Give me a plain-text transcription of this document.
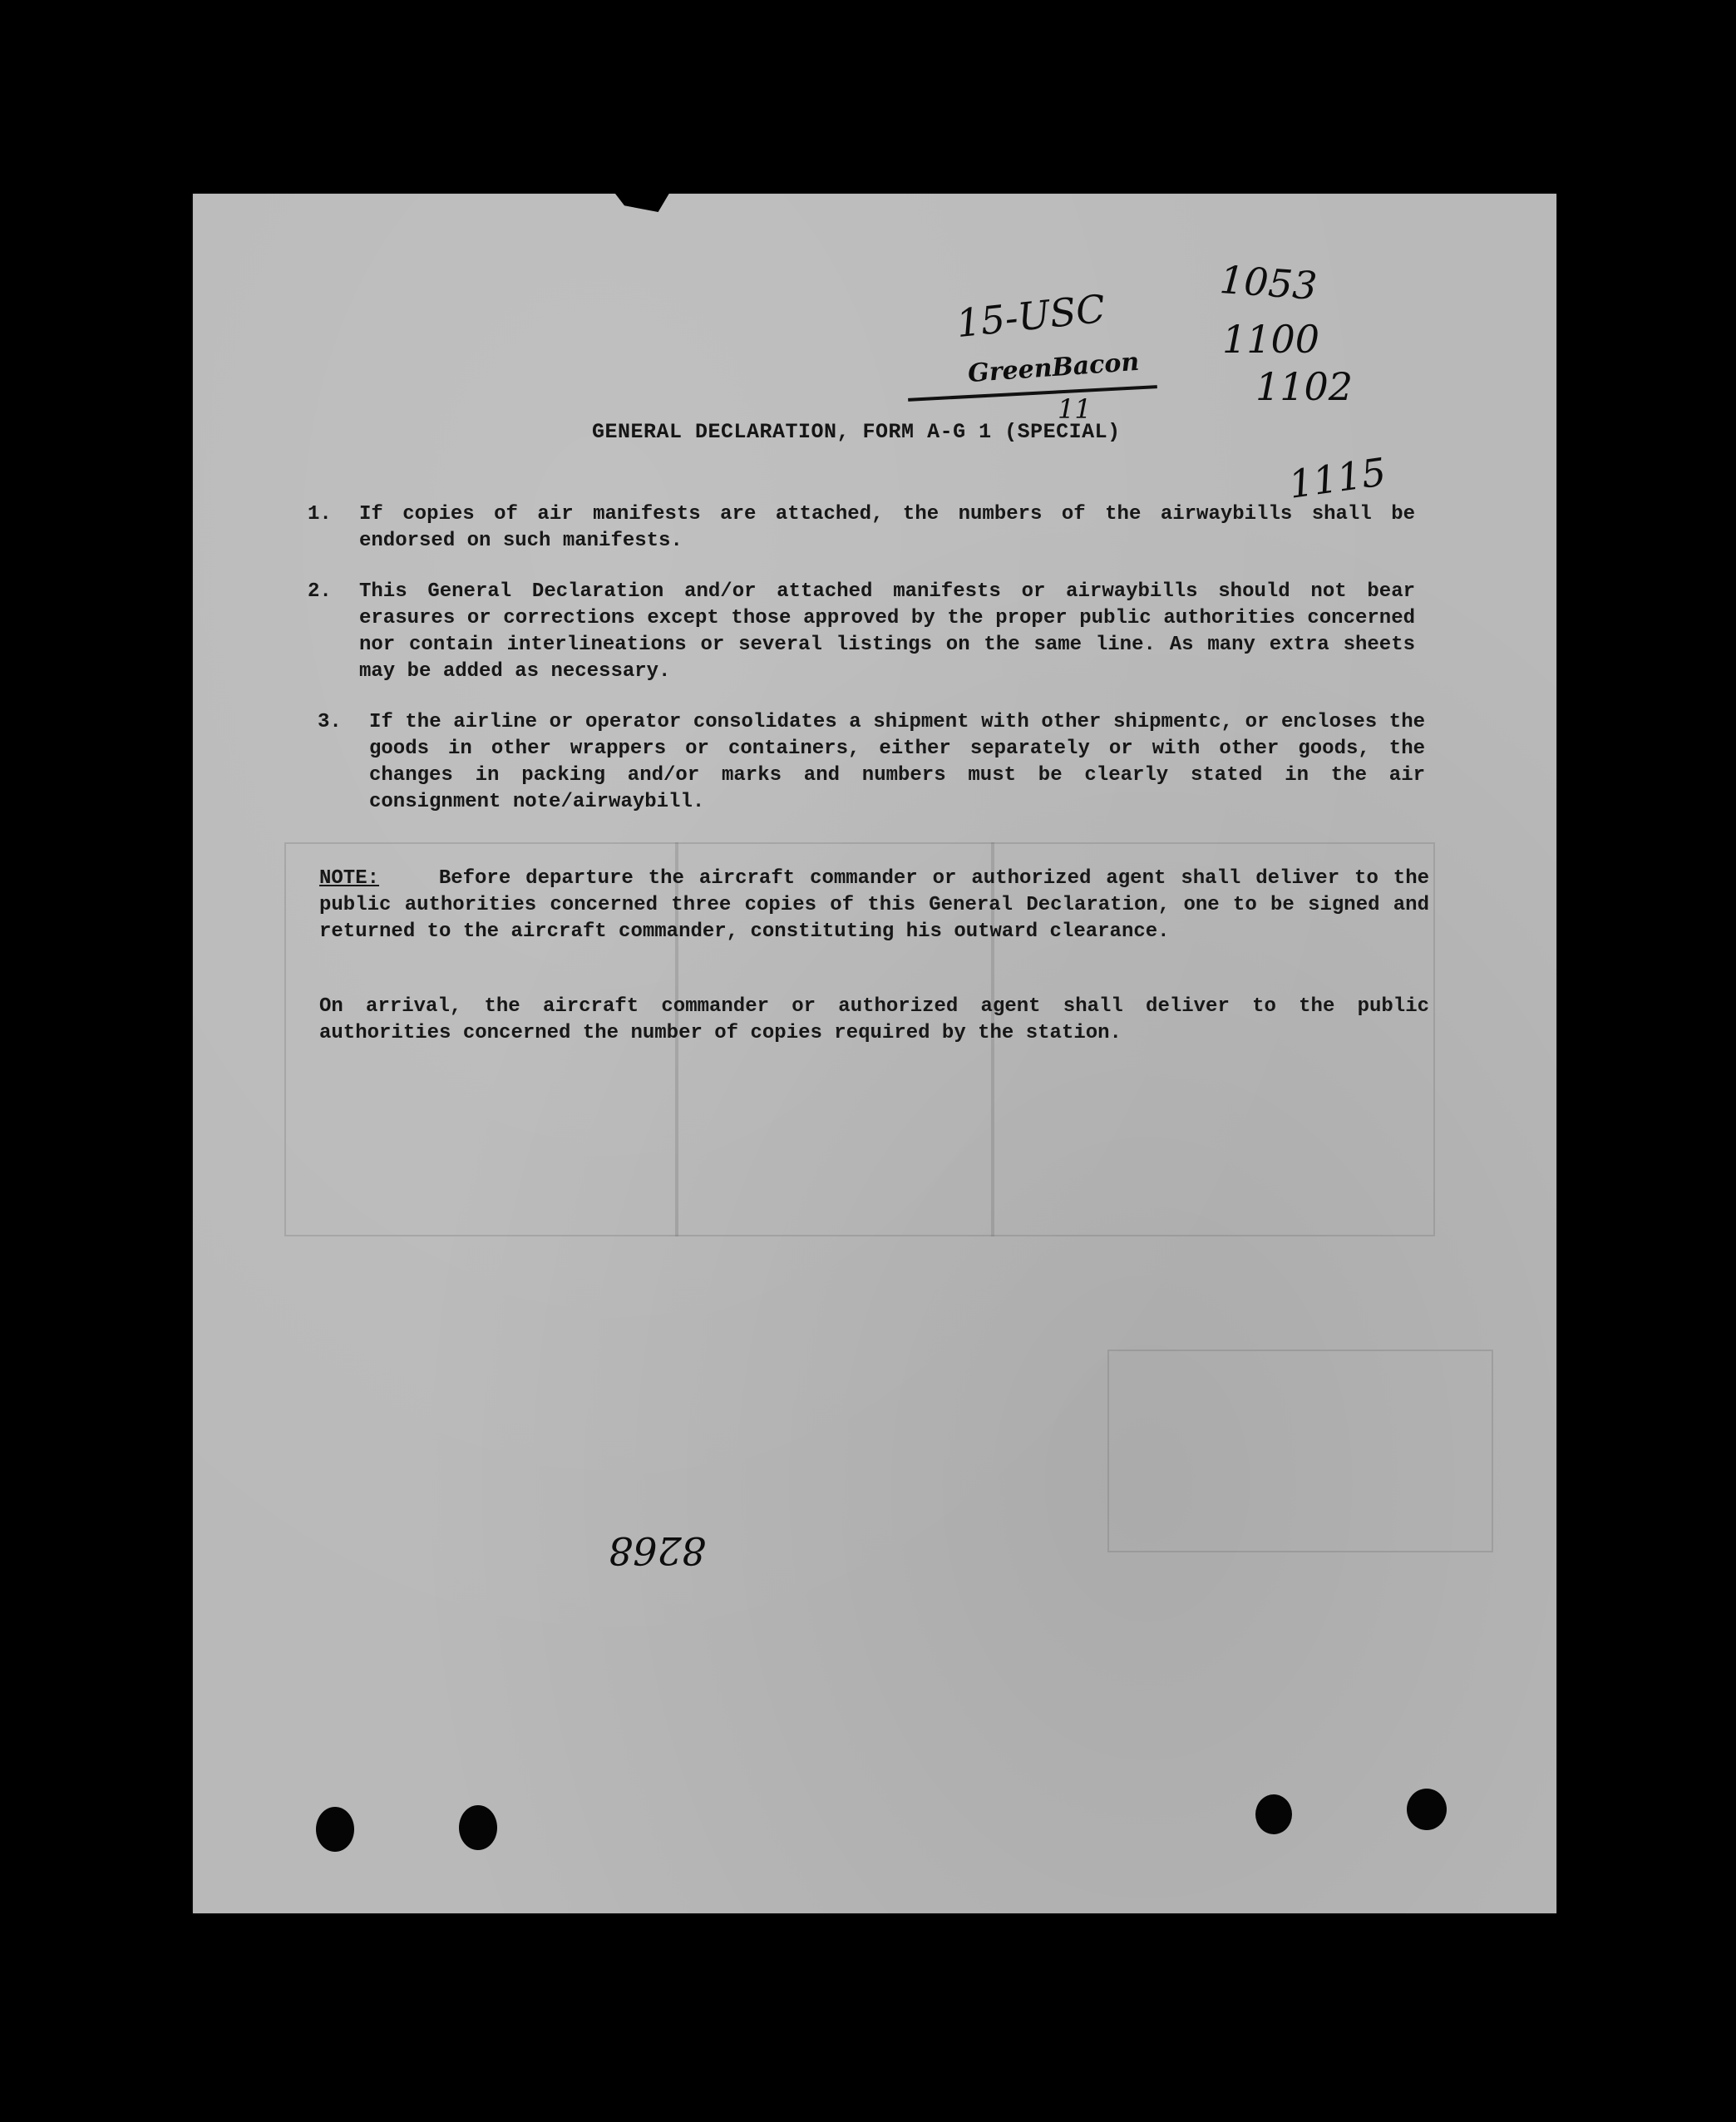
15-USC
GreenBacon
11
1053
1100
1102
1115
8268
GENERAL DECLARATION, FORM A-G 1 (SPECIAL)
1. If copies of air manifests are attached, the numbers of the airwaybills shall be endorsed on such manifests.
2. This General Declaration and/or attached manifests or airwaybills should not bear erasures or corrections except those approved by the proper public authorities concerned nor contain interlineations or several listings on the same line. As many extra sheets may be added as necessary.
3. If the airline or operator consolidates a shipment with other shipmentc, or encloses the goods in other wrappers or containers, either separately or with other goods, the changes in packing and/or marks and numbers must be clearly stated in the air consignment note/airwaybill.
NOTE:	Before departure the aircraft commander or authorized agent shall deliver to the public authorities concerned three copies of this General Declaration, one to be signed and returned to the aircraft commander, constituting his outward clearance.
On arrival, the aircraft commander or authorized agent shall deliver to the public authorities concerned the number of copies required by the station.
